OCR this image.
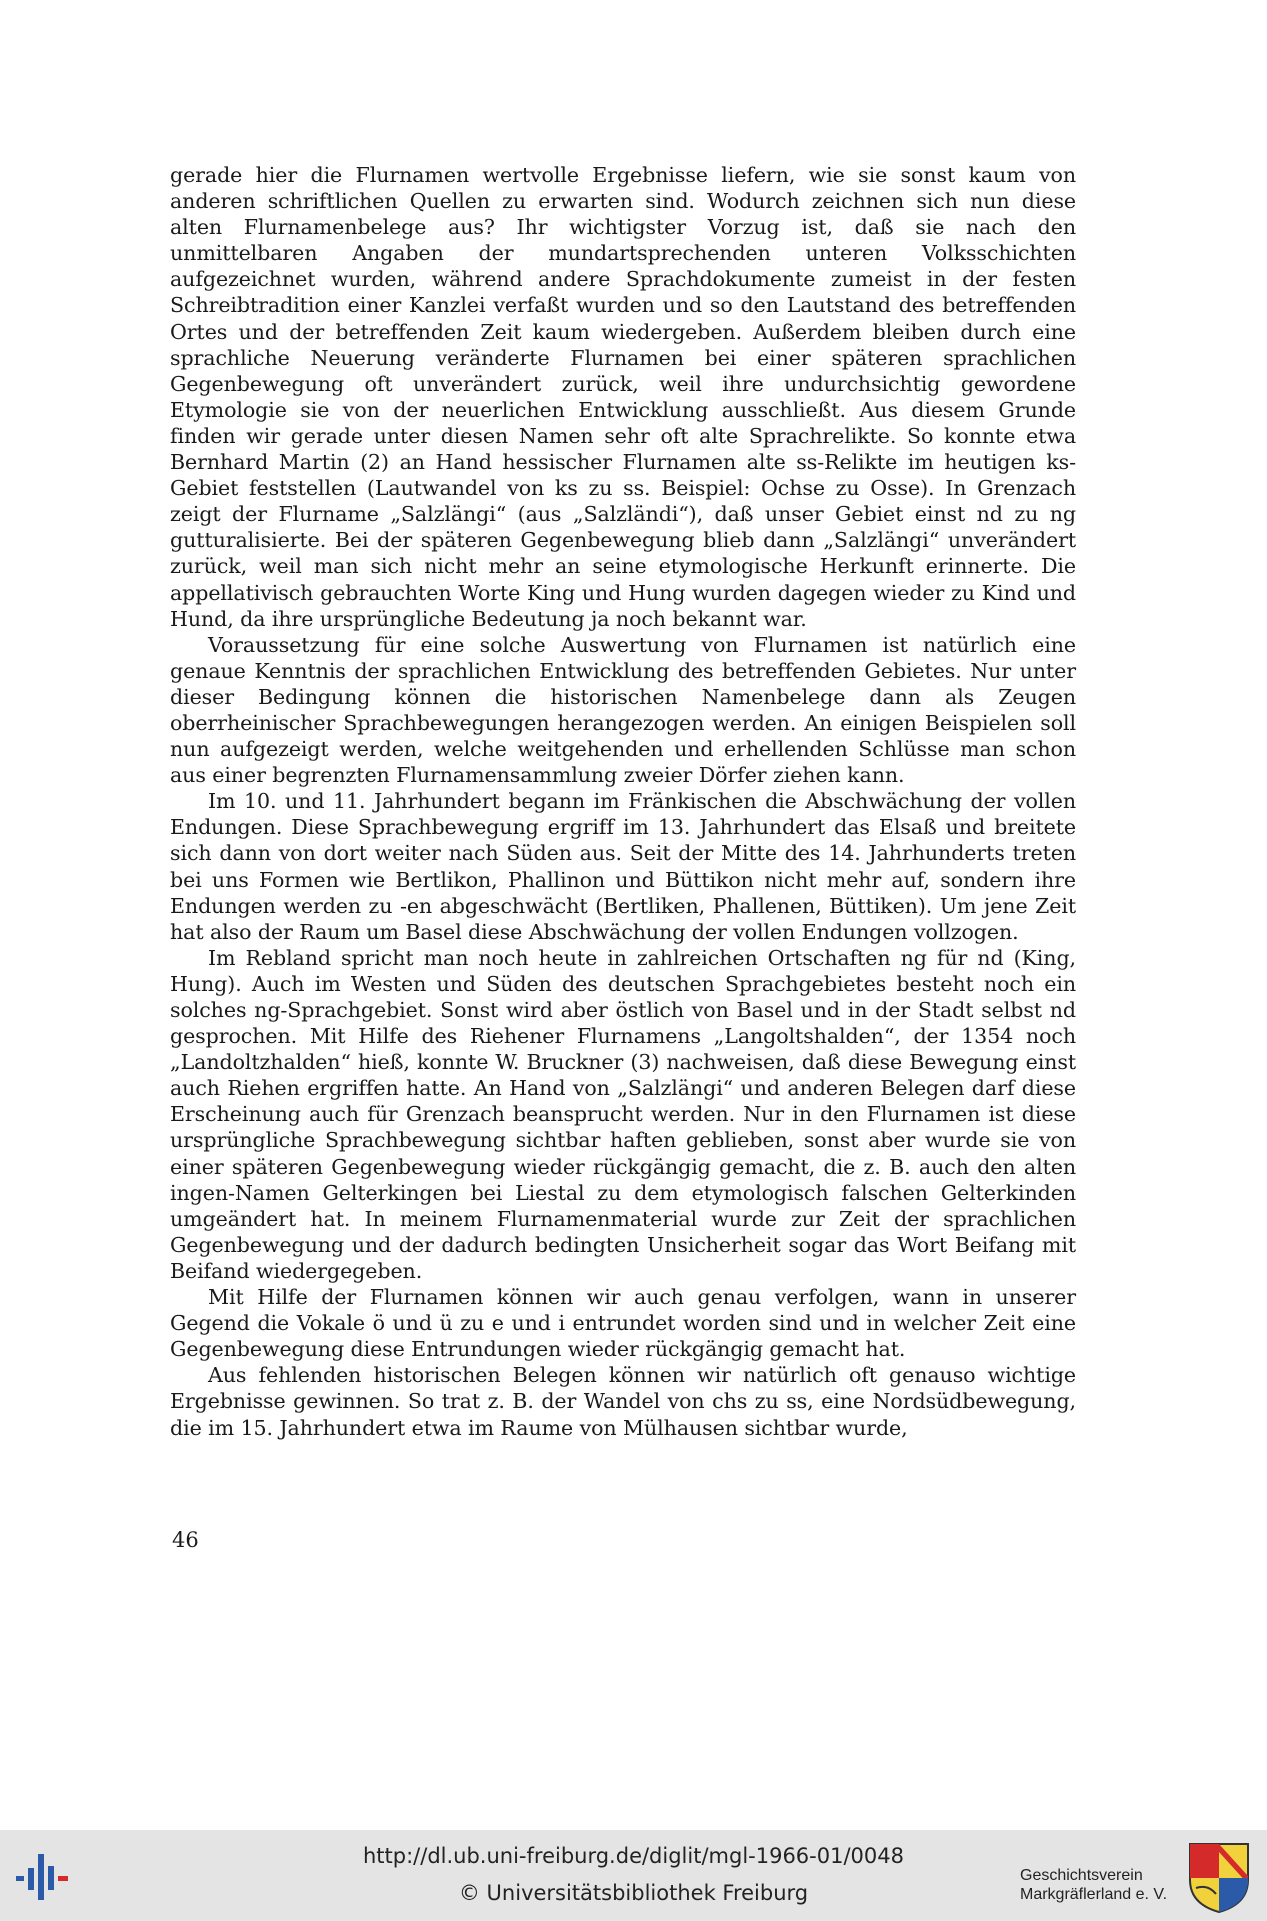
gerade hier die Flurnamen wertvolle Ergebnisse liefern, wie sie sonst kaum von anderen schriftlichen Quellen zu erwarten sind. Wodurch zeichnen sich nun diese alten Flurnamenbelege aus? Ihr wichtigster Vorzug ist, daß sie nach den unmittelbaren Angaben der mundartsprechenden unteren Volksschichten aufgezeichnet wurden, während andere Sprachdokumente zumeist in der festen Schreibtradition einer Kanzlei verfaßt wurden und so den Lautstand des betreffenden Ortes und der betreffenden Zeit kaum wiedergeben. Außerdem bleiben durch eine sprachliche Neuerung veränderte Flurnamen bei einer späteren sprachlichen Gegenbewegung oft unverändert zurück, weil ihre undurchsichtig gewordene Etymologie sie von der neuerlichen Entwicklung ausschließt. Aus diesem Grunde finden wir gerade unter diesen Namen sehr oft alte Sprachrelikte. So konnte etwa Bernhard Martin (2) an Hand hessischer Flurnamen alte ss-Relikte im heutigen ks-Gebiet feststellen (Lautwandel von ks zu ss. Beispiel: Ochse zu Osse). In Grenzach zeigt der Flurname „Salzlängi“ (aus „Salzländi“), daß unser Gebiet einst nd zu ng gutturalisierte. Bei der späteren Gegenbewegung blieb dann „Salzlängi“ unverändert zurück, weil man sich nicht mehr an seine etymologische Herkunft erinnerte. Die appellativisch gebrauchten Worte King und Hung wurden dagegen wieder zu Kind und Hund, da ihre ursprüngliche Bedeutung ja noch bekannt war.

Voraussetzung für eine solche Auswertung von Flurnamen ist natürlich eine genaue Kenntnis der sprachlichen Entwicklung des betreffenden Gebietes. Nur unter dieser Bedingung können die historischen Namenbelege dann als Zeugen oberrheinischer Sprachbewegungen herangezogen werden. An einigen Beispielen soll nun aufgezeigt werden, welche weitgehenden und erhellenden Schlüsse man schon aus einer begrenzten Flurnamensammlung zweier Dörfer ziehen kann.

Im 10. und 11. Jahrhundert begann im Fränkischen die Abschwächung der vollen Endungen. Diese Sprachbewegung ergriff im 13. Jahrhundert das Elsaß und breitete sich dann von dort weiter nach Süden aus. Seit der Mitte des 14. Jahrhunderts treten bei uns Formen wie Bertlikon, Phallinon und Büttikon nicht mehr auf, sondern ihre Endungen werden zu -en abgeschwächt (Bertliken, Phallenen, Büttiken). Um jene Zeit hat also der Raum um Basel diese Abschwächung der vollen Endungen vollzogen.

Im Rebland spricht man noch heute in zahlreichen Ortschaften ng für nd (King, Hung). Auch im Westen und Süden des deutschen Sprachgebietes besteht noch ein solches ng-Sprachgebiet. Sonst wird aber östlich von Basel und in der Stadt selbst nd gesprochen. Mit Hilfe des Riehener Flurnamens „Langoltshalden“, der 1354 noch „Landoltzhalden“ hieß, konnte W. Bruckner (3) nachweisen, daß diese Bewegung einst auch Riehen ergriffen hatte. An Hand von „Salzlängi“ und anderen Belegen darf diese Erscheinung auch für Grenzach beansprucht werden. Nur in den Flurnamen ist diese ursprüngliche Sprachbewegung sichtbar haften geblieben, sonst aber wurde sie von einer späteren Gegenbewegung wieder rückgängig gemacht, die z. B. auch den alten ingen-Namen Gelterkingen bei Liestal zu dem etymologisch falschen Gelterkinden umgeändert hat. In meinem Flurnamenmaterial wurde zur Zeit der sprachlichen Gegenbewegung und der dadurch bedingten Unsicherheit sogar das Wort Beifang mit Beifand wiedergegeben.

Mit Hilfe der Flurnamen können wir auch genau verfolgen, wann in unserer Gegend die Vokale ö und ü zu e und i entrundet worden sind und in welcher Zeit eine Gegenbewegung diese Entrundungen wieder rückgängig gemacht hat.

Aus fehlenden historischen Belegen können wir natürlich oft genauso wichtige Ergebnisse gewinnen. So trat z. B. der Wandel von chs zu ss, eine Nordsüdbewegung, die im 15. Jahrhundert etwa im Raume von Mülhausen sichtbar wurde,

46
http://dl.ub.uni-freiburg.de/diglit/mgl-1966-01/0048
© Universitätsbibliothek Freiburg
Geschichtsverein
Markgräflerland e. V.
